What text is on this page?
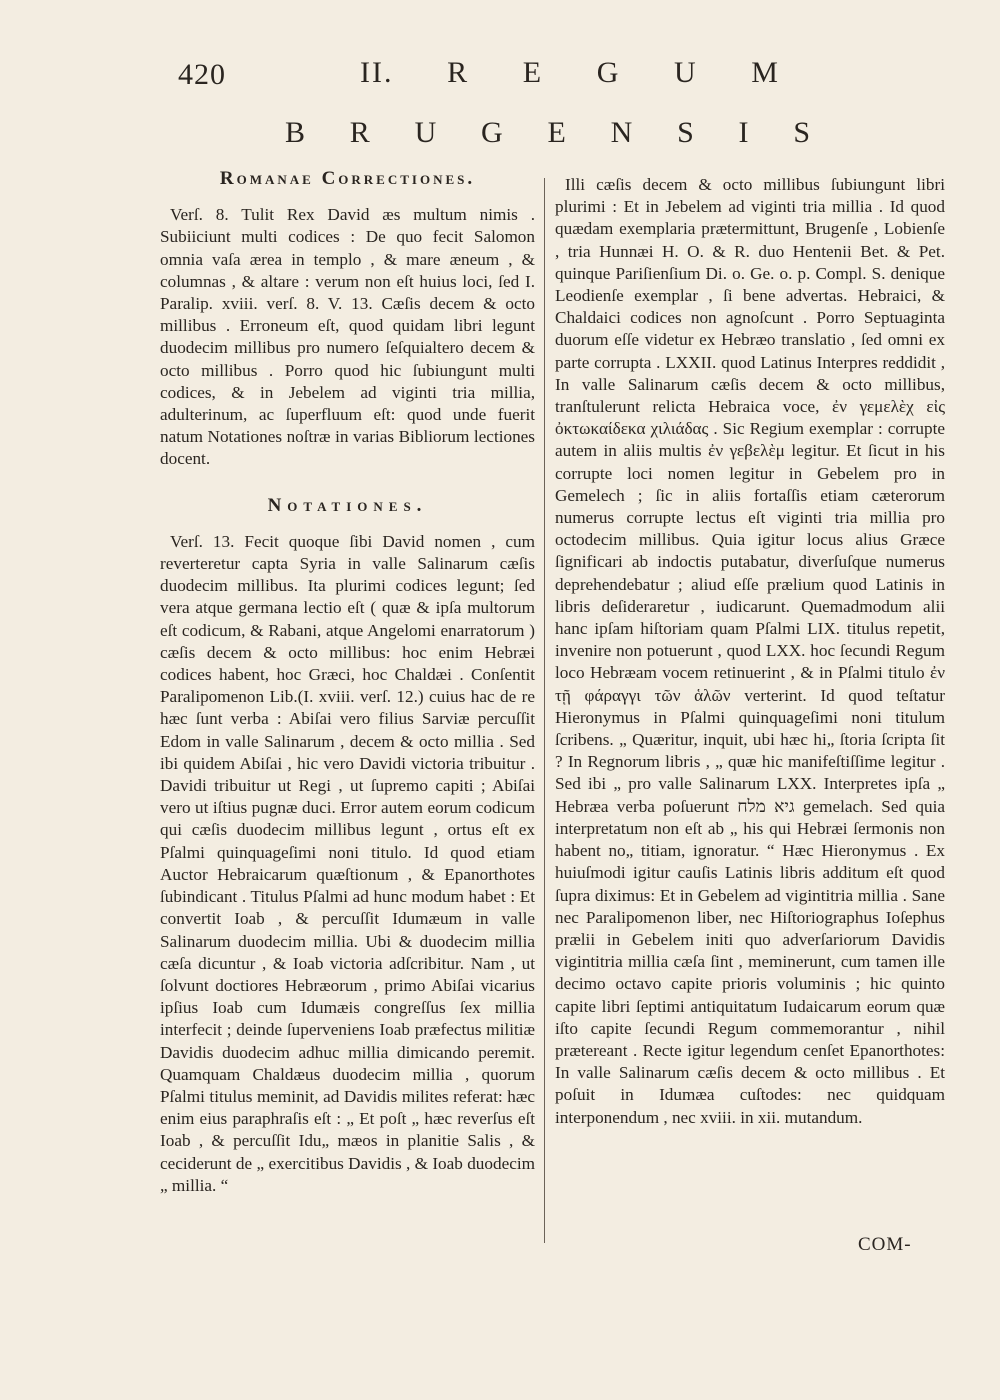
420	II. R E G U M
B R U G E N S I S
Romanae Correctiones.

Verſ. 8. Tulit Rex David æs multum nimis . Subiiciunt multi codices : De quo fecit Salomon omnia vaſa ærea in templo , & mare æneum , & columnas , & altare : verum non eſt huius loci, ſed I. Paralip. xviii. verſ. 8. V. 13. Cæſis decem & octo millibus . Erroneum eſt, quod quidam libri legunt duodecim millibus pro numero ſeſquialtero decem & octo millibus . Porro quod hic ſubiungunt multi codices, & in Jebelem ad viginti tria millia, adulterinum, ac ſuperfluum eſt: quod unde fuerit natum Notationes noſtræ in varias Bibliorum lectiones docent.

Notationes.

Verſ. 13. Fecit quoque ſibi David nomen , cum reverteretur capta Syria in valle Salinarum cæſis duodecim millibus. Ita plurimi codices legunt; ſed vera atque germana lectio eſt ( quæ & ipſa multorum eſt codicum, & Rabani, atque Angelomi enarratorum ) cæſis decem & octo millibus: hoc enim Hebræi codices habent, hoc Græci, hoc Chaldæi . Conſentit Paralipomenon Lib.(I. xviii. verſ. 12.) cuius hac de re hæc ſunt verba : Abiſai vero filius Sarviæ percuſſit Edom in valle Salinarum , decem & octo millia . Sed ibi quidem Abiſai , hic vero Davidi victoria tribuitur . Davidi tribuitur ut Regi , ut ſupremo capiti ; Abiſai vero ut iſtius pugnæ duci. Error autem eorum codicum qui cæſis duodecim millibus legunt , ortus eſt ex Pſalmi quinquageſimi noni titulo. Id quod etiam Auctor Hebraicarum quæſtionum , & Epanorthotes ſubindicant . Titulus Pſalmi ad hunc modum habet : Et convertit Ioab , & percuſſit Idumæum in valle Salinarum duodecim millia. Ubi & duodecim millia cæſa dicuntur , & Ioab victoria adſcribitur. Nam , ut ſolvunt doctiores Hebræorum , primo Abiſai vicarius ipſius Ioab cum Idumæis congreſſus ſex millia interfecit ; deinde ſuperveniens Ioab præfectus militiæ Davidis duodecim adhuc millia dimicando peremit. Quamquam Chaldæus duodecim millia , quorum Pſalmi titulus meminit, ad Davidis milites referat: hæc enim eius paraphraſis eſt : „ Et poſt „ hæc reverſus eſt Ioab , & percuſſit Idu„ mæos in planitie Salis , & ceciderunt de „ exercitibus Davidis , & Ioab duodecim „ millia. “

Illi cæſis decem & octo millibus ſubiungunt libri plurimi : Et in Jebelem ad viginti tria millia . Id quod quædam exemplaria prætermittunt, Brugenſe , Lobienſe , tria Hunnæi H. O. & R. duo Hentenii Bet. & Pet. quinque Pariſienſium Di. o. Ge. o. p. Compl. S. denique Leodienſe exemplar , ſi bene advertas. Hebraici, & Chaldaici codices non agnoſcunt . Porro Septuaginta duorum eſſe videtur ex Hebræo translatio , ſed omni ex parte corrupta . LXXII. quod Latinus Interpres reddidit , In valle Salinarum cæſis decem & octo millibus, tranſtulerunt relicta Hebraica voce, ἐν γεμελὲχ εἰς ὀκτωκαίδεκα χιλιάδας . Sic Regium exemplar : corrupte autem in aliis multis ἐν γεβελὲμ legitur. Et ſicut in his corrupte loci nomen legitur in Gebelem pro in Gemelech ; ſic in aliis fortaſſis etiam cæterorum numerus corrupte lectus eſt viginti tria millia pro octodecim millibus. Quia igitur locus alius Græce ſignificari ab indoctis putabatur, diverſuſque numerus deprehendebatur ; aliud eſſe prælium quod Latinis in libris deſideraretur , iudicarunt. Quemadmodum alii hanc ipſam hiſtoriam quam Pſalmi LIX. titulus repetit, invenire non potuerunt , quod LXX. hoc ſecundi Regum loco Hebræam vocem retinuerint , & in Pſalmi titulo ἐν τῇ φάραγγι τῶν ἁλῶν verterint. Id quod teſtatur Hieronymus in Pſalmi quinquageſimi noni titulum ſcribens. „ Quæritur, inquit, ubi hæc hi„ ſtoria ſcripta ſit ? In Regnorum libris , „ quæ hic manifeſtiſſime legitur . Sed ibi „ pro valle Salinarum LXX. Interpretes ipſa „ Hebræa verba poſuerunt גיא מלח gemelach. Sed quia interpretatum non eſt ab „ his qui Hebræi ſermonis non habent no„ titiam, ignoratur. “ Hæc Hieronymus . Ex huiuſmodi igitur cauſis Latinis libris additum eſt quod ſupra diximus: Et in Gebelem ad vigintitria millia . Sane nec Paralipomenon liber, nec Hiſtoriographus Ioſephus prælii in Gebelem initi quo adverſariorum Davidis vigintitria millia cæſa ſint , meminerunt, cum tamen ille decimo octavo capite prioris voluminis ; hic quinto capite libri ſeptimi antiquitatum Iudaicarum eorum quæ iſto capite ſecundi Regum commemorantur , nihil prætereant . Recte igitur legendum cenſet Epanorthotes: In valle Salinarum cæſis decem & octo millibus . Et poſuit in Idumæa cuſtodes: nec quidquam interponendum , nec xviii. in xii. mutandum.

COM-
